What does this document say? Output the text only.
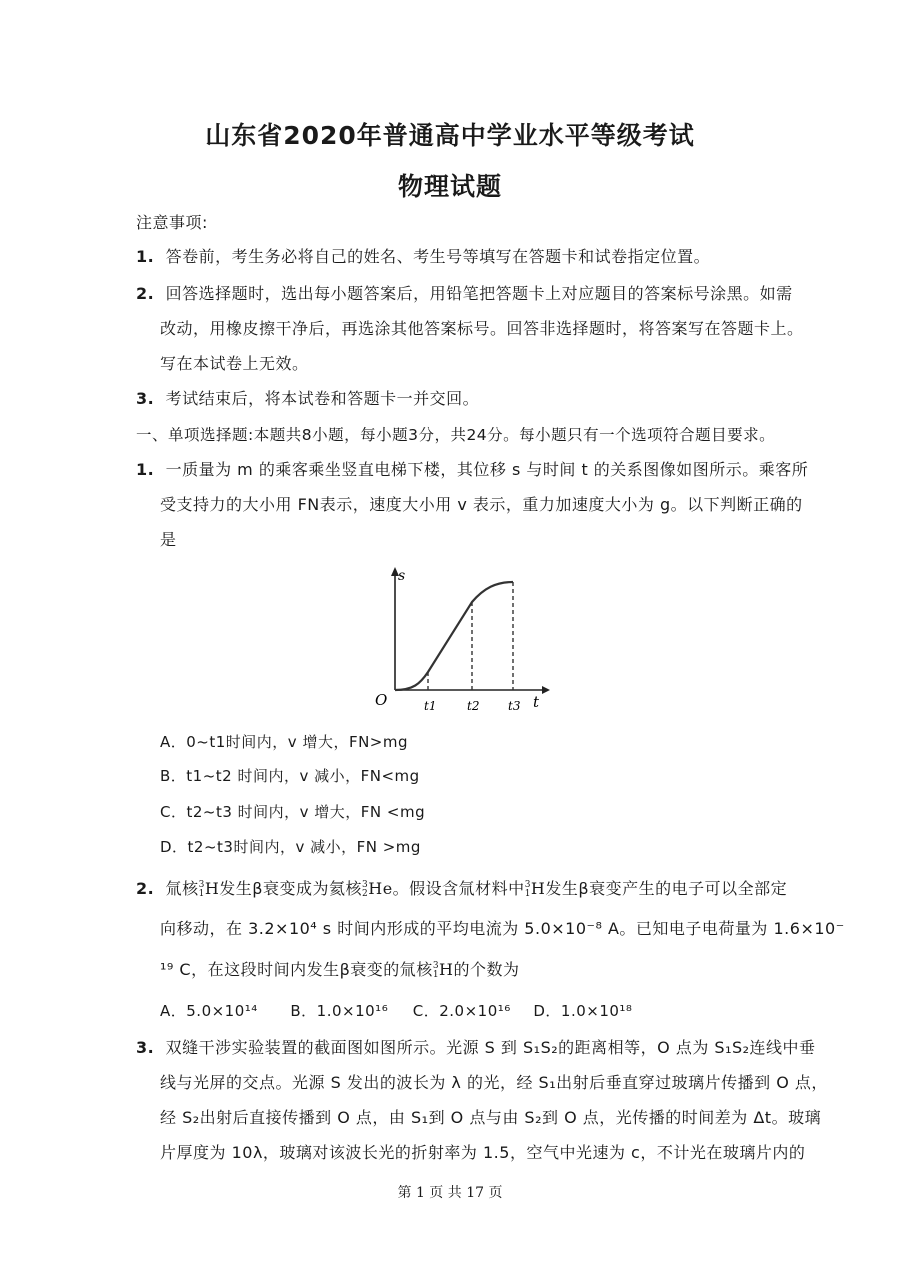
山东省2020年普通高中学业水平等级考试
物理试题
注意事项:
1. 答卷前，考生务必将自己的姓名、考生号等填写在答题卡和试卷指定位置。
2. 回答选择题时，选出每小题答案后，用铅笔把答题卡上对应题目的答案标号涂黑。如需
改动，用橡皮擦干净后，再选涂其他答案标号。回答非选择题时，将答案写在答题卡上。
写在本试卷上无效。
3. 考试结束后，将本试卷和答题卡一并交回。
一、单项选择题:本题共8小题，每小题3分，共24分。每小题只有一个选项符合题目要求。
1. 一质量为 m 的乘客乘坐竖直电梯下楼，其位移 s 与时间 t 的关系图像如图所示。乘客所
受支持力的大小用 FN表示，速度大小用 v 表示，重力加速度大小为 g。以下判断正确的
是
s
t
O	t1	t2 t3
A．0~t1时间内，v 增大，FN>mg
B．t1~t2 时间内，v 减小，FN<mg
C．t2~t3 时间内，v 增大，FN <mg
D．t2~t3时间内，v 减小，FN >mg
2. 氚核3
1H发生β衰变成为氦核3
2He。假设含氚材料中3
1H发生β衰变产生的电子可以全部定
向移动，在 3.2×10⁴ s 时间内形成的平均电流为 5.0×10⁻⁸ A。已知电子电荷量为 1.6×10⁻
¹⁹ C，在这段时间内发生β衰变的氚核3
1H的个数为
A．5.0×10¹⁴ B．1.0×10¹⁶ C．2.0×10¹⁶ D．1.0×10¹⁸
3. 双缝干涉实验装置的截面图如图所示。光源 S 到 S₁S₂的距离相等，O 点为 S₁S₂连线中垂
线与光屏的交点。光源 S 发出的波长为 λ 的光，经 S₁出射后垂直穿过玻璃片传播到 O 点，
经 S₂出射后直接传播到 O 点，由 S₁到 O 点与由 S₂到 O 点，光传播的时间差为 Δt。玻璃
片厚度为 10λ，玻璃对该波长光的折射率为 1.5，空气中光速为 c，不计光在玻璃片内的
第 1 页 共 17 页
